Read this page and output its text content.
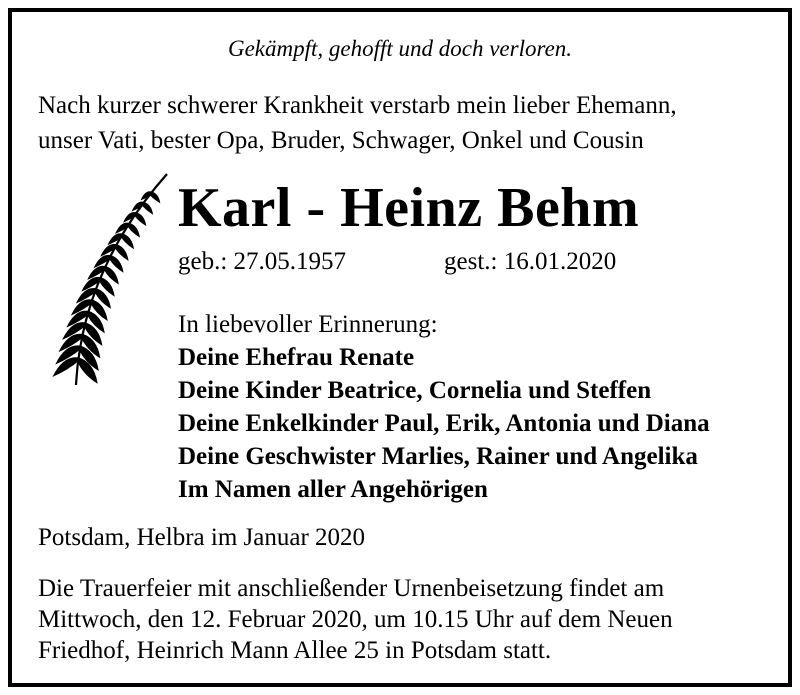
Gekämpft, gehofft und doch verloren.
Nach kurzer schwerer Krankheit verstarb mein lieber Ehemann,
unser Vati, bester Opa, Bruder, Schwager, Onkel und Cousin
Karl - Heinz Behm
geb.: 27.05.1957	gest.: 16.01.2020
In liebevoller Erinnerung:
Deine Ehefrau Renate
Deine Kinder Beatrice, Cornelia und Steffen
Deine Enkelkinder Paul, Erik, Antonia und Diana
Deine Geschwister Marlies, Rainer und Angelika
Im Namen aller Angehörigen
Potsdam, Helbra im Januar 2020
Die Trauerfeier mit anschließender Urnenbeisetzung findet am
Mittwoch, den 12. Februar 2020, um 10.15 Uhr auf dem Neuen
Friedhof, Heinrich Mann Allee 25 in Potsdam statt.
